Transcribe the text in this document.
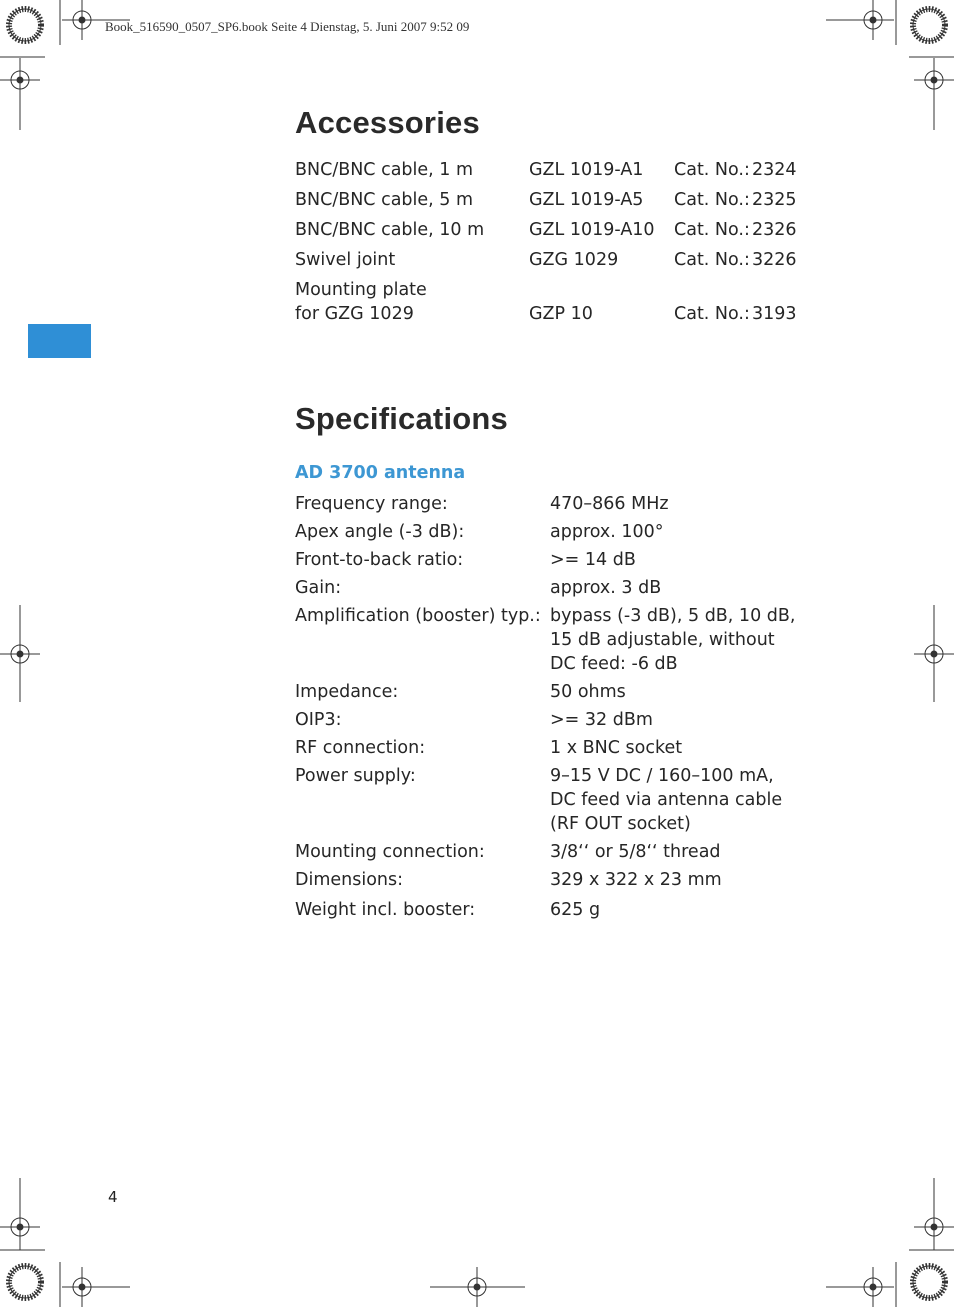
Book_516590_0507_SP6.book Seite 4 Dienstag, 5. Juni 2007 9:52 09
Accessories
BNC/BNC cable, 1 m	GZL 1019-A1 Cat. No.: 2324
BNC/BNC cable, 5 m	GZL 1019-A5 Cat. No.: 2325
BNC/BNC cable, 10 m	GZL 1019-A10 Cat. No.: 2326
Swivel joint	GZG 1029	Cat. No.: 3226
Mounting plate
for GZG 1029	GZP 10	Cat. No.: 3193
Specifications
AD 3700 antenna
Frequency range:	470–866 MHz
Apex angle (-3 dB):	approx. 100°
Front-to-back ratio:	>= 14 dB
Gain:	approx. 3 dB
Amplification (booster) typ.: bypass (-3 dB), 5 dB, 10 dB,
15 dB adjustable, without
DC feed: -6 dB
Impedance:	50 ohms
OIP3:	>= 32 dBm
RF connection:	1 x BNC socket
Power supply:	9–15 V DC / 160–100 mA,
DC feed via antenna cable
(RF OUT socket)
Mounting connection:	3/8‘‘ or 5/8‘‘ thread
Dimensions:	329 x 322 x 23 mm
Weight incl. booster:	625 g
4
